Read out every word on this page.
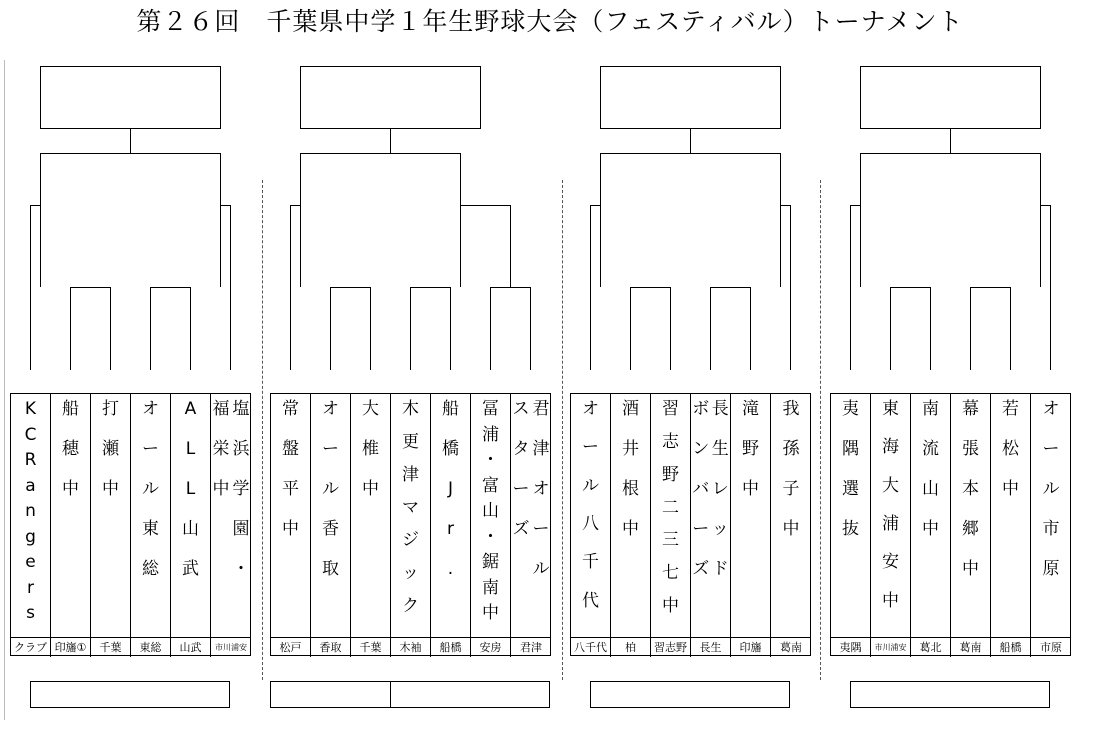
第２６回　千葉県中学１年生野球大会（フェスティバル）トーナメント
K
C
R
a
n
g
e
r
s
クラブ
船
穂
中
印旛①
打
瀬
中
千葉
オ
ー
ル
東
総
東総
A
L
L
山
武
山武
福
栄
中
塩
浜
学
園
・
市川浦安
常
盤
平
中
松戸
オ
ー
ル
香
取
香取
大
椎
中
千葉
木
更
津
マ
ジ
ッ
ク
木袖
船
橋
J
r
.
船橋
冨
浦
・
富
山
・
鋸
南
中
安房
ス
タ
ー
ズ
君
津
オ
ー
ル
君津
オ
ー
ル
八
千
代
八千代
酒
井
根
中
柏
習
志
野
二
三
七
中
習志野
ボ
ン
バ
ー
ズ
長
生
レ
ッ
ド
長生
滝
野
中
印旛
我
孫
子
中
葛南
夷
隅
選
抜
夷隅
東
海
大
浦
安
中
市川浦安
南
流
山
中
葛北
幕
張
本
郷
中
葛南
若
松
中
船橋
オ
ー
ル
市
原
市原
